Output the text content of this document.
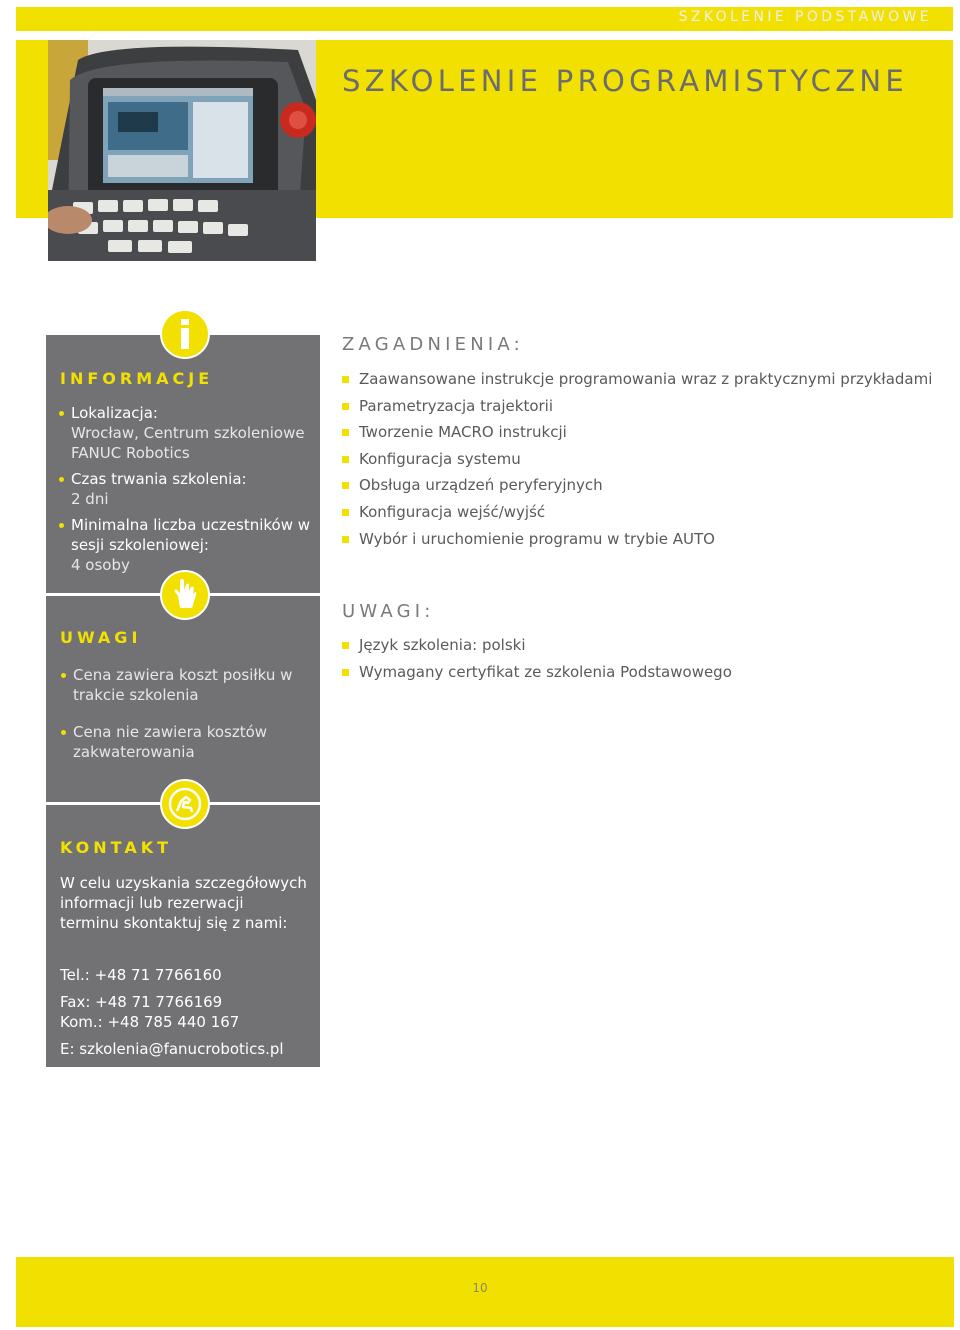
SZKOLENIE PODSTAWOWE
SZKOLENIE PROGRAMISTYCZNE
INFORMACJE
Lokalizacja:
Wrocław, Centrum szkoleniowe
FANUC Robotics
Czas trwania szkolenia:
2 dni
Minimalna liczba uczestników w
sesji szkoleniowej:
4 osoby
UWAGI
Cena zawiera koszt posiłku w
trakcie szkolenia
Cena nie zawiera kosztów
zakwaterowania
KONTAKT
W celu uzyskania szczegółowych
informacji lub rezerwacji
terminu skontaktuj się z nami:
Tel.: +48 71 7766160
Fax: +48 71 7766169
Kom.: +48 785 440 167
E: szkolenia@fanucrobotics.pl
ZAGADNIENIA:
Zaawansowane instrukcje programowania wraz z praktycznymi przykładami
Parametryzacja trajektorii
Tworzenie MACRO instrukcji
Konfiguracja systemu
Obsługa urządzeń peryferyjnych
Konfiguracja wejść/wyjść
Wybór i uruchomienie programu w trybie AUTO
UWAGI:
Język szkolenia: polski
Wymagany certyfikat ze szkolenia Podstawowego
10
